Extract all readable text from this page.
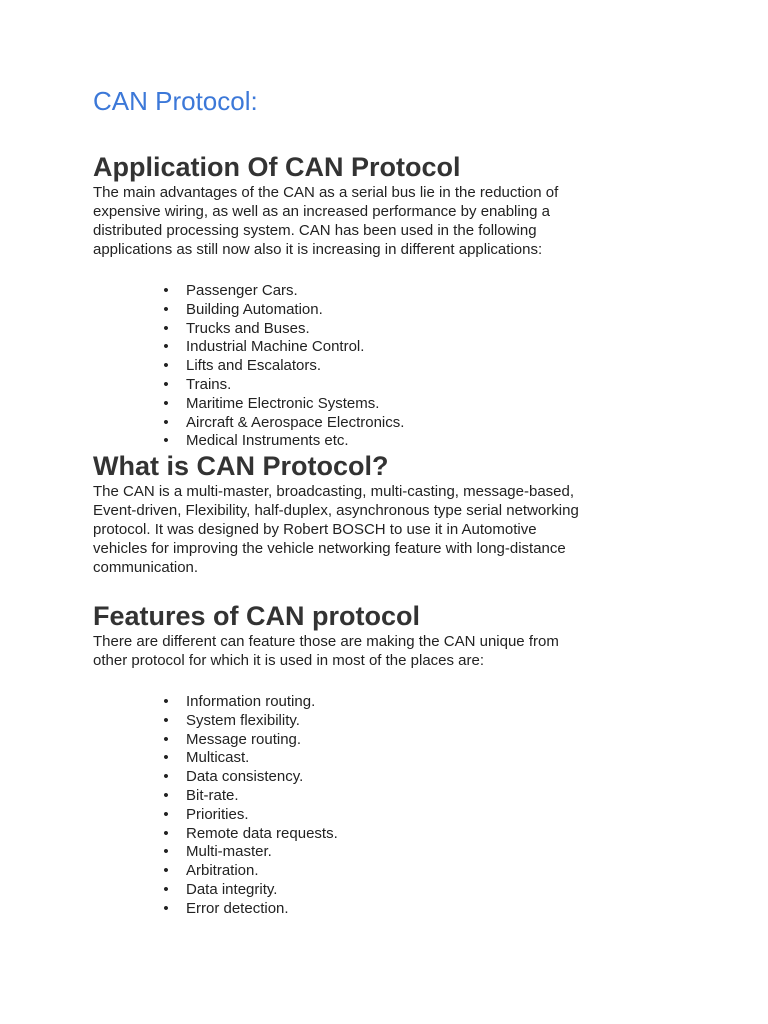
CAN Protocol:
Application Of CAN Protocol

The main advantages of the CAN as a serial bus lie in the reduction of
expensive wiring, as well as an increased performance by enabling a
distributed processing system. CAN has been used in the following
applications as still now also it is increasing in different applications:

• Passenger Cars.
• Building Automation.
• Trucks and Buses.
• Industrial Machine Control.
• Lifts and Escalators.
• Trains.
• Maritime Electronic Systems.
• Aircraft & Aerospace Electronics.
• Medical Instruments etc.
What is CAN Protocol?

The CAN is a multi-master, broadcasting, multi-casting, message-based,
Event-driven, Flexibility, half-duplex, asynchronous type serial networking
protocol. It was designed by Robert BOSCH to use it in Automotive
vehicles for improving the vehicle networking feature with long-distance
communication.

Features of CAN protocol

There are different can feature those are making the CAN unique from
other protocol for which it is used in most of the places are:

• Information routing.
• System flexibility.
• Message routing.
• Multicast.
• Data consistency.
• Bit-rate.
• Priorities.
• Remote data requests.
• Multi-master.
• Arbitration.
• Data integrity.
• Error detection.
